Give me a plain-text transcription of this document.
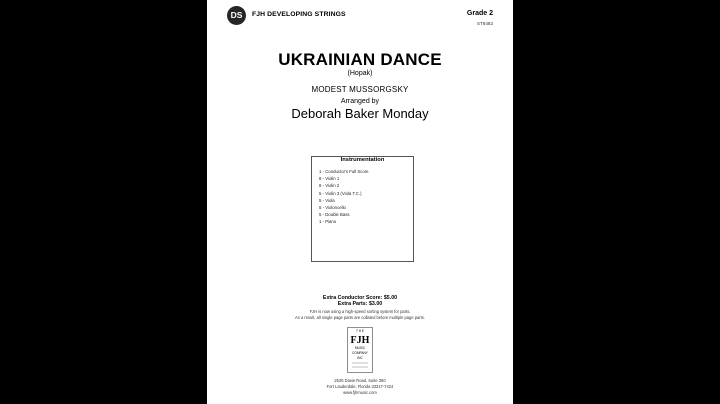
DS	FJH DEVELOPING STRINGS	Grade 2
ST6482
UKRAINIAN DANCE
(Hopak)
MODEST MUSSORGSKY
Arranged by
Deborah Baker Monday
Instrumentation
1 - Conductor's Full Score
8 - Violin 1
8 - Violin 2
5 - Violin 3 (Viola T.C.)
5 - Viola
5 - Violoncello
5 - Double Bass
1 - Piano
Extra Conductor Score: $5.00
Extra Parts: $3.00
FJH is now using a high-speed sorting system for parts.
As a result, all single page parts are collated before multiple page parts.
T H E
FJH
MUSIC
COMPANY
INC
2525 Davie Road, Suite 360
Fort Lauderdale, Florida 33317-7424
www.fjhmusic.com
